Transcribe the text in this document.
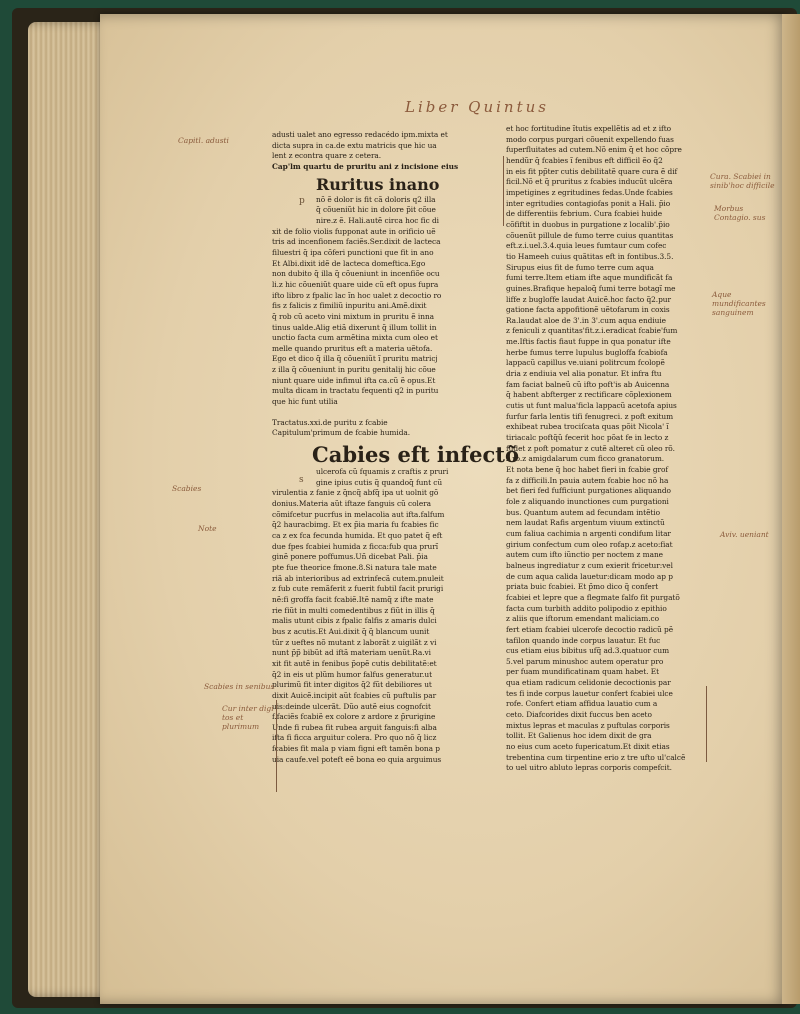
Liber Quintus
adusti ualet ano egresso redacédo ipm.mixta et
dicta supra in ca.de extu matricis que hic ua
lent z econtra quare z cetera.
Cap'lm quartu de pruritu ani z incisione eius
Ruritus inano
nõ ẽ dolor is fit cã doloris q2 illa
q̃ cõueniũt hic in dolore p̃it cõue
nire.z ẽ. Hali.autẽ circa hoc fic di
xit de folio violis fupponat aute in orificio uẽ
tris ad incenfionem faciẽs.Ser.dixit de lacteca
filuestri q̃ ipa cõferi punctioni que fit in ano
Et Albi.dixit idẽ de lacteca domeftica.Ego
non dubito q̃ illa q̃ cõueniunt in incenfiõe ocu
li.z hic cõueniũt quare uide cũ eft opus fupra
ifto libro z fpalic lac ĩn hoc ualet z decoctio ro
fis z falicis z fimiliũ inpuritu ani.Amẽ.dixit
q̃ rob cũ aceto vini mixtum in pruritu ẽ inna
tinus ualde.Alig etiã dixerunt q̃ illum tollit in
unctio facta cum armẽtina mixta cum oleo et
melle quando pruritus eft a materia uẽtofa.
Ego et dico q̃ illa q̃ cõueniũt ĩ pruritu matricj
z illa q̃ cõueniunt in puritu genitalij hic cõue
niunt quare uide infimul ifta ca.cũ ẽ opus.Et
multa dicam in tractatu fequenti q2 in puritu
que hic funt utilia
Tractatus.xxi.de puritu z fcabie
Capitulum'primum de fcabie humida.
Cabies eft infectõ
ulcerofa cũ fquamis z craftis z pruri
gine ipius cutis q̃ quandoq̃ funt cũ
virulentia z fanie z q̃ncq̃ abfq̃ ipa ut uolnit gõ
donius.Materia aũt iftaze fanguis cũ colera
cõmifcetur pucrfus in melacolia aut ifta.falfum
q̃2 hauracbimg. Et ex p̃ia maria fu fcabies fic
ca z ex fca fecunda humida. Et quo patet q̃ eft
due fpes fcabiei humida z ficca:fub qua prurĩ
ginẽ ponere poffumus.Uñ dicebat Pali. p̃ia
pte fue theorice fmone.8.Si natura tale mate
riã ab interioribus ad extrinfecã cutem.pnuleit
z fub cute remãferit z fuerit fubtil facit prurigi
nẽ:fi groffa facit fcabiẽ.Itẽ namq̃ z ifte mate
rie fiũt in multi comedentibus z fiũt in illis q̃
malis utunt cibis z fpalic falfis z amaris dulci
bus z acutis.Et Aui.dixit q̃ q̃ blancum uunit
tũr z ueftes nõ mutant z laborãt z uigilãt z vi
nunt p̃p̃ bibũt ad iftã materiam uenũt.Ra.vi
xit fit autẽ in fenibus p̃opẽ cutis debilitatẽ:et
q̃2 in eis ut plũm humor falfus generatur.ut
plurimũ fit inter digitos q̃2 fũt debiliores ut
dixit Auicẽ.incipit aũt fcabies cũ puftulis par
uis:deinde ulcerãt. Dũo autẽ eius cognofcit
f.faciẽs fcabiẽ ex colore z ardore z p̃rurigine
Unde fi rubea fit rubea arguit fanguis:fi alba
ifta fi ficca arguitur colera. Pro quo nõ q̃ licz
fcabies fit mala p viam figni eft tamẽn bona p
uia caufe.vel poteft eẽ bona eo quia arguimus
p
s
et hoc fortitudine ĩtutis expellẽtis ad et z ifto
modo corpus purgari cõuenit expellendo fuas
fuperfluitates ad cutem.Nõ enim q̃ et hoc cõpre
hendũr q̃ fcabies ĩ fenibus eft difficil ẽo q̃2
in eis fit pp̃ter cutis debilitatẽ quare cura ẽ dif
ficil.Nõ et q̃ pruritus z fcabies inducũt ulcẽra
impetigines z egritudines fedas.Unde fcabies
inter egritudies contagiofas ponit a Hali. p̃io
de differentiis febrium. Cura fcabiei huide
cõfiftit in duobus in purgatione z localib'.p̃io
cõuenũt pillule de fumo terre cuius quantitas
eft.z.i.uel.3.4.quia leues fumtaur cum cofec
tio Hameeh cuius quãtitas eft in fontibus.3.5.
Sirupus eius fit de fumo terre cum aqua
fumi terre.Item etiam ifte aque mundificãt fa
guines.Brafique hepaloq̃ fumi terre botagĩ me
liffe z bugloffe laudat Auicẽ.hoc facto q̃2.pur
gatione facta appofitionẽ uẽtofarum in coxis
Ra.laudat aloe de 3'.in 3'.cum aqua endiuie
z feniculi z quantitas'fit.z.i.eradicat fcabie'fum
me.Iftis factis fiaut fuppe in qua ponatur ifte
herbe fumus terre lupulus bugloffa fcabiofa
lappacũ capillus ve.uiani politrcum fcolopẽ
dria z endiuia vel alia ponatur. Et infra ftu
fam faciat balneũ cũ ifto poft'is ab Auicenna
q̃ habent abfterger z rectificare cõplexionem
cutis ut funt malua'ficla lappacũ acetofa apius
furfur farla lentis tifi fenugreci. z poft exitum
exhibeat rubea trociſcata quas põit Nicola' ĩ
tiriacalc poftq̃ũ fecerit hoc põat fe in lecto z
fudet z poft pomatur z cutẽ alteret cũ oleo rõ.
z ro.z amigdalarum cum ficco granatorum.
Et nota bene q̃ hoc habet fieri in fcabie grof
fa z difficili.In pauia autem fcabie hoc nõ ha
bet fieri fed fufficiunt purgationes aliquando
fole z aliquando inunctiones cum purgationi
bus. Quantum autem ad fecundam intẽtio
nem laudat Rafis argentum viuum extinctũ
cum faliua cachimia n argenti condifum litar
girium confectum cum oleo rofap.z aceto:fiat
autem cum ifto iũnctio per noctem z mane
balneus ingrediatur z cum exierit fricetur:vel
de cum aqua calida lauetur:dicam modo ap p
priata buic fcabiei. Et p̃mo dico q̃ confert
fcabiei et lepre que a flegmate falfo fit purgatõ
facta cum turbith addito polipodio z epithio
z aliis que iftorum emendant maliciam.co
fert etiam fcabiei ulcerofe decoctio radicũ pẽ
tafilon quando inde corpus lauatur. Et fuc
cus etiam eius bibitus ufq̃ ad.3.quatuor cum
5.vel parum minushoc autem operatur pro
per fuam mundificatinam quam habet. Et
qua etiam radicum celidonie decoctionis par
tes fi inde corpus lauetur confert fcabiei ulce
rofe. Confert etiam affidua lauatio cum a
ceto. Diafcorides dixit fuccus ben aceto
mixtus lepras et maculas z puftulas corporis
tollit. Et Galienus hoc idem dixit de gra
no eius cum aceto fupericatum.Et dixit etias
trebentina cum tirpentine erio z tre ufto ul'calcẽ
to uel uitro abluto lepras corporis compefcit.
Capitl. adusti
Cura. Scabiei in sinib'hoc difficile
Morbus Contagio. sus
Aque mundificantes sanguinem
Scabies
Note
Aviv. ueniant
Scabies in senibus
Cur inter digi tos et plurimum
